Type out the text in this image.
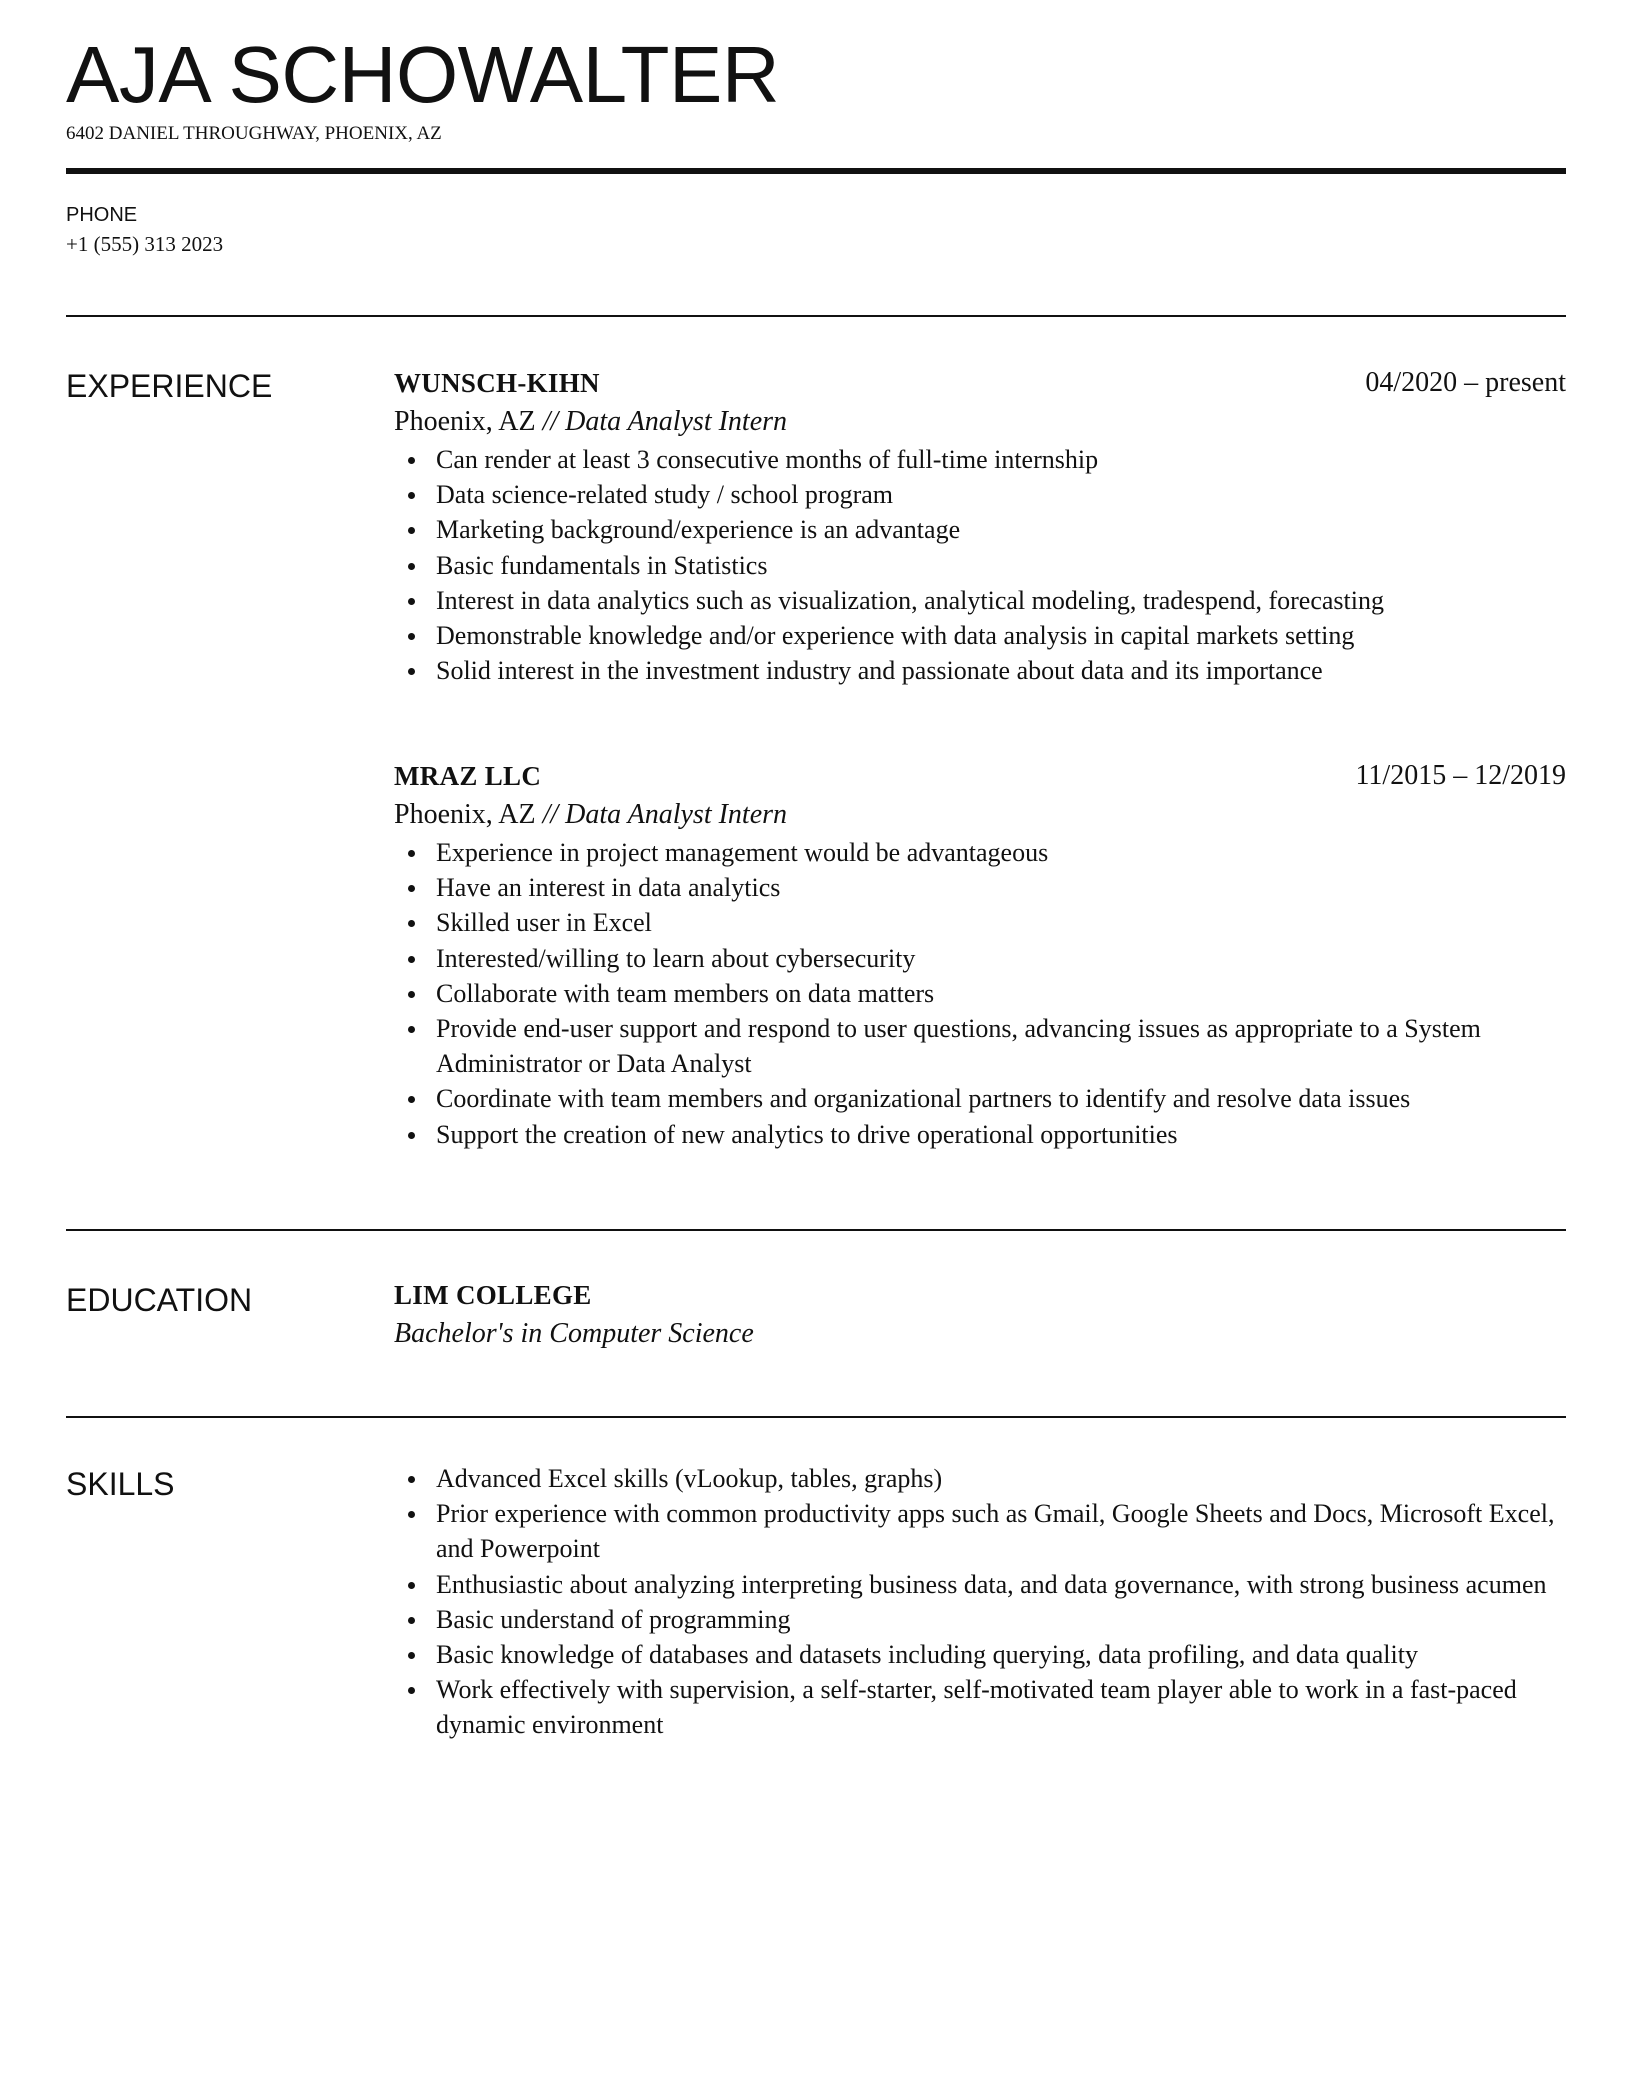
AJA SCHOWALTER
6402 DANIEL THROUGHWAY, PHOENIX, AZ
PHONE
+1 (555) 313 2023
EXPERIENCE	WUNSCH-KIHN	04/2020 – present
Phoenix, AZ // Data Analyst Intern
Can render at least 3 consecutive months of full-time internship
Data science-related study / school program
Marketing background/experience is an advantage
Basic fundamentals in Statistics
Interest in data analytics such as visualization, analytical modeling, tradespend, forecasting
Demonstrable knowledge and/or experience with data analysis in capital markets setting
Solid interest in the investment industry and passionate about data and its importance
MRAZ LLC	11/2015 – 12/2019
Phoenix, AZ // Data Analyst Intern
Experience in project management would be advantageous
Have an interest in data analytics
Skilled user in Excel
Interested/willing to learn about cybersecurity
Collaborate with team members on data matters
Provide end-user support and respond to user questions, advancing issues as appropriate to a System Administrator or Data Analyst
Coordinate with team members and organizational partners to identify and resolve data issues
Support the creation of new analytics to drive operational opportunities
EDUCATION	LIM COLLEGE
Bachelor's in Computer Science
SKILLS	Advanced Excel skills (vLookup, tables, graphs)
Prior experience with common productivity apps such as Gmail, Google Sheets and Docs, Microsoft Excel, and Powerpoint
Enthusiastic about analyzing interpreting business data, and data governance, with strong business acumen
Basic understand of programming
Basic knowledge of databases and datasets including querying, data profiling, and data quality
Work effectively with supervision, a self-starter, self-motivated team player able to work in a fast-paced dynamic environment
